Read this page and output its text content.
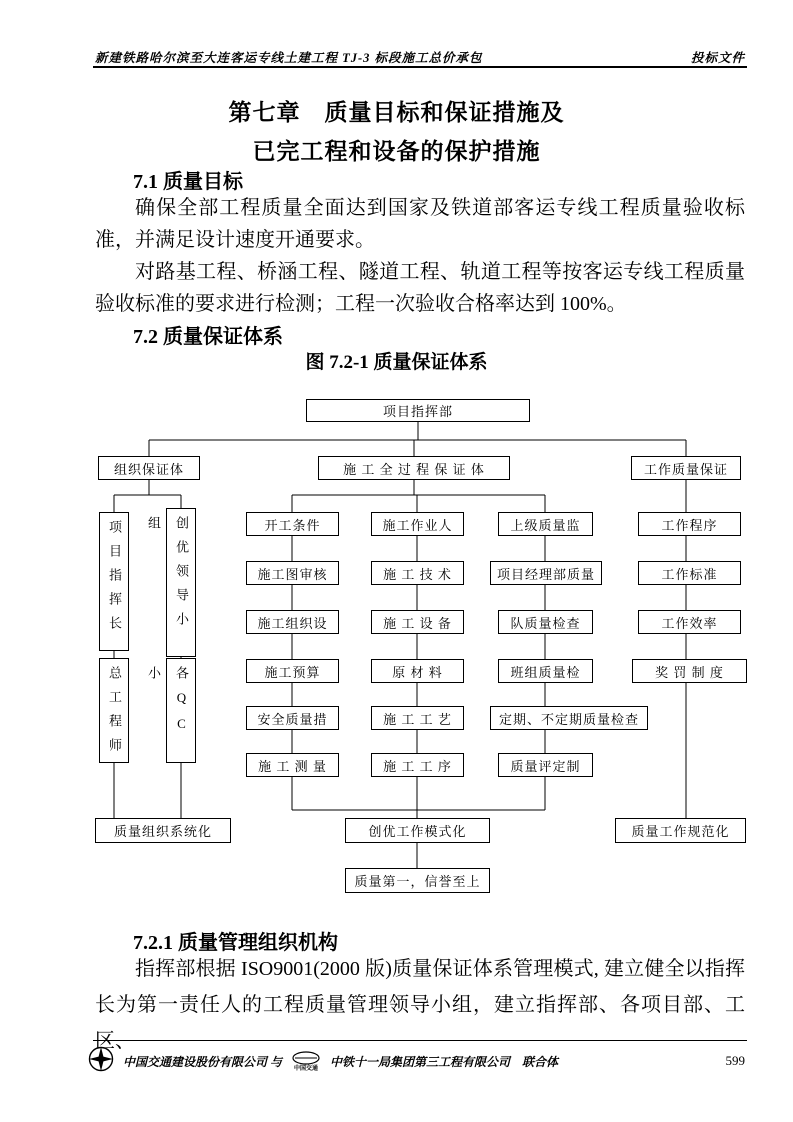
新建铁路哈尔滨至大连客运专线土建工程 TJ-3 标段施工总价承包	投标文件
第七章　质量目标和保证措施及
已完工程和设备的保护措施
7.1 质量目标

确保全部工程质量全面达到国家及铁道部客运专线工程质量验收标准，并满足设计速度开通要求。

对路基工程、桥涵工程、隧道工程、轨道工程等按客运专线工程质量验收标准的要求进行检测；工程一次验收合格率达到 100%。

7.2 质量保证体系
图 7.2-1 质量保证体系
项目指挥部
组织保证体	施 工 全 过 程 保 证 体	工作质量保证
项目指挥长	创优领导小组
总工程师	各QC小
开工条件
施工图审核
施工组织设
施工预算
安全质量措
施 工 测 量
施工作业人
施 工 技 术
施 工 设 备
原 材 料
施 工 工 艺
施 工 工 序
上级质量监
项目经理部质量
队质量检查
班组质量检
定期、不定期质量检查
质量评定制
工作程序
工作标准
工作效率
奖 罚 制 度
质量组织系统化	创优工作模式化	质量工作规范化
质量第一，信誉至上
7.2.1 质量管理组织机构

指挥部根据 ISO9001(2000 版)质量保证体系管理模式, 建立健全以指挥长为第一责任人的工程质量管理领导小组，建立指挥部、各项目部、工区、

中国交通建设股份有限公司 与 中国交通 中铁十一局集团第三工程有限公司　联合体	599
